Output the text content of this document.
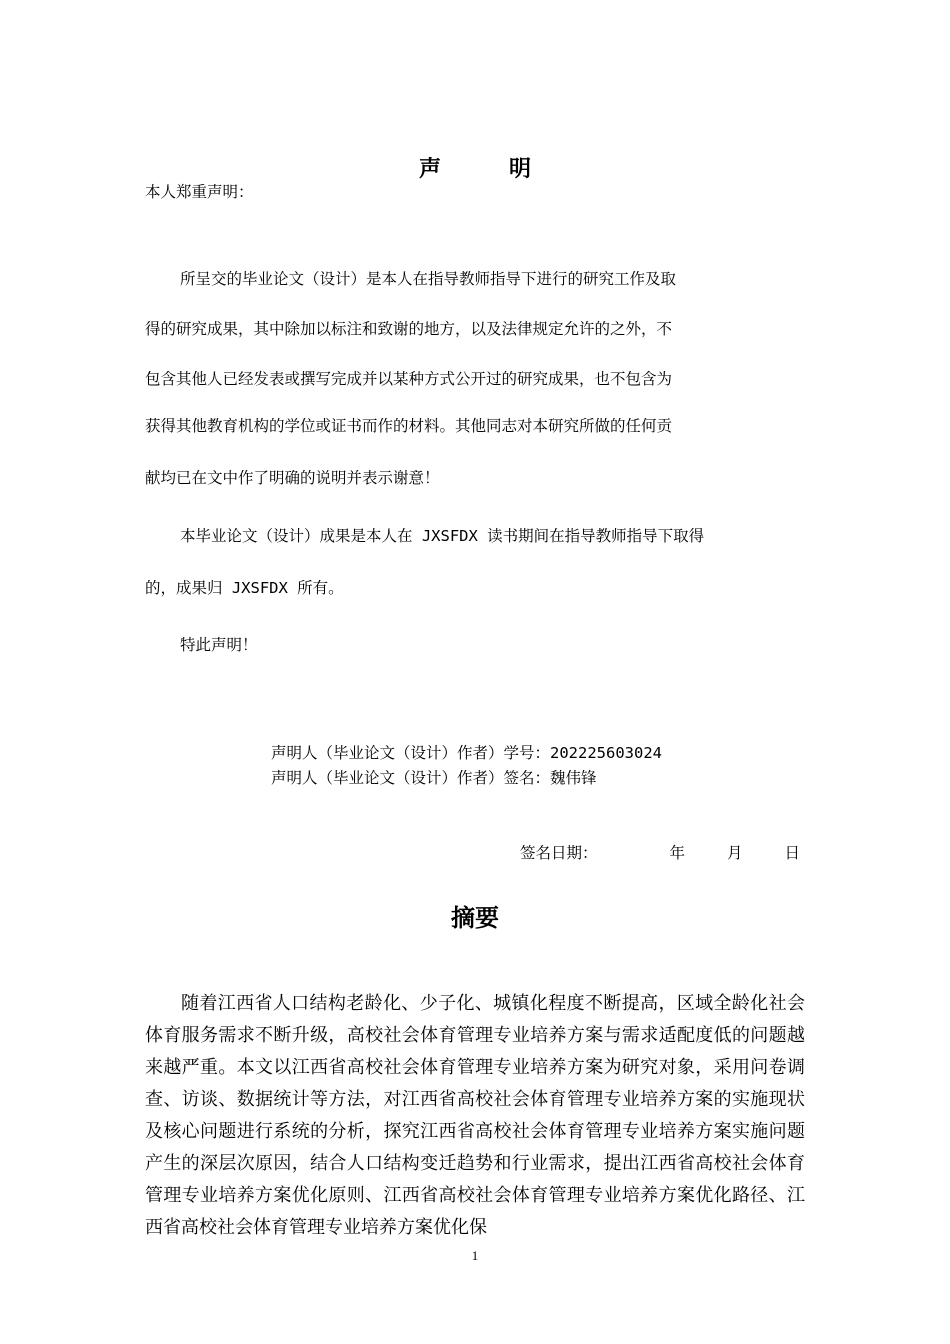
声	明
本人郑重声明：
所呈交的毕业论文（设计）是本人在指导教师指导下进行的研究工作及取
得的研究成果，其中除加以标注和致谢的地方，以及法律规定允许的之外，不
包含其他人已经发表或撰写完成并以某种方式公开过的研究成果，也不包含为
获得其他教育机构的学位或证书而作的材料。其他同志对本研究所做的任何贡
献均已在文中作了明确的说明并表示谢意！
本毕业论文（设计）成果是本人在 JXSFDX 读书期间在指导教师指导下取得
的，成果归 JXSFDX 所有。
特此声明！
声明人（毕业论文（设计）作者）学号：202225603024
声明人（毕业论文（设计）作者）签名：魏伟锋
签名日期：	年	月	日
摘要

随着江西省人口结构老龄化、少子化、城镇化程度不断提高，区域全龄化社会体育服务需求不断升级，高校社会体育管理专业培养方案与需求适配度低的问题越来越严重。本文以江西省高校社会体育管理专业培养方案为研究对象，采用问卷调查、访谈、数据统计等方法，对江西省高校社会体育管理专业培养方案的实施现状及核心问题进行系统的分析，探究江西省高校社会体育管理专业培养方案实施问题产生的深层次原因，结合人口结构变迁趋势和行业需求，提出江西省高校社会体育管理专业培养方案优化原则、江西省高校社会体育管理专业培养方案优化路径、江西省高校社会体育管理专业培养方案优化保

1
